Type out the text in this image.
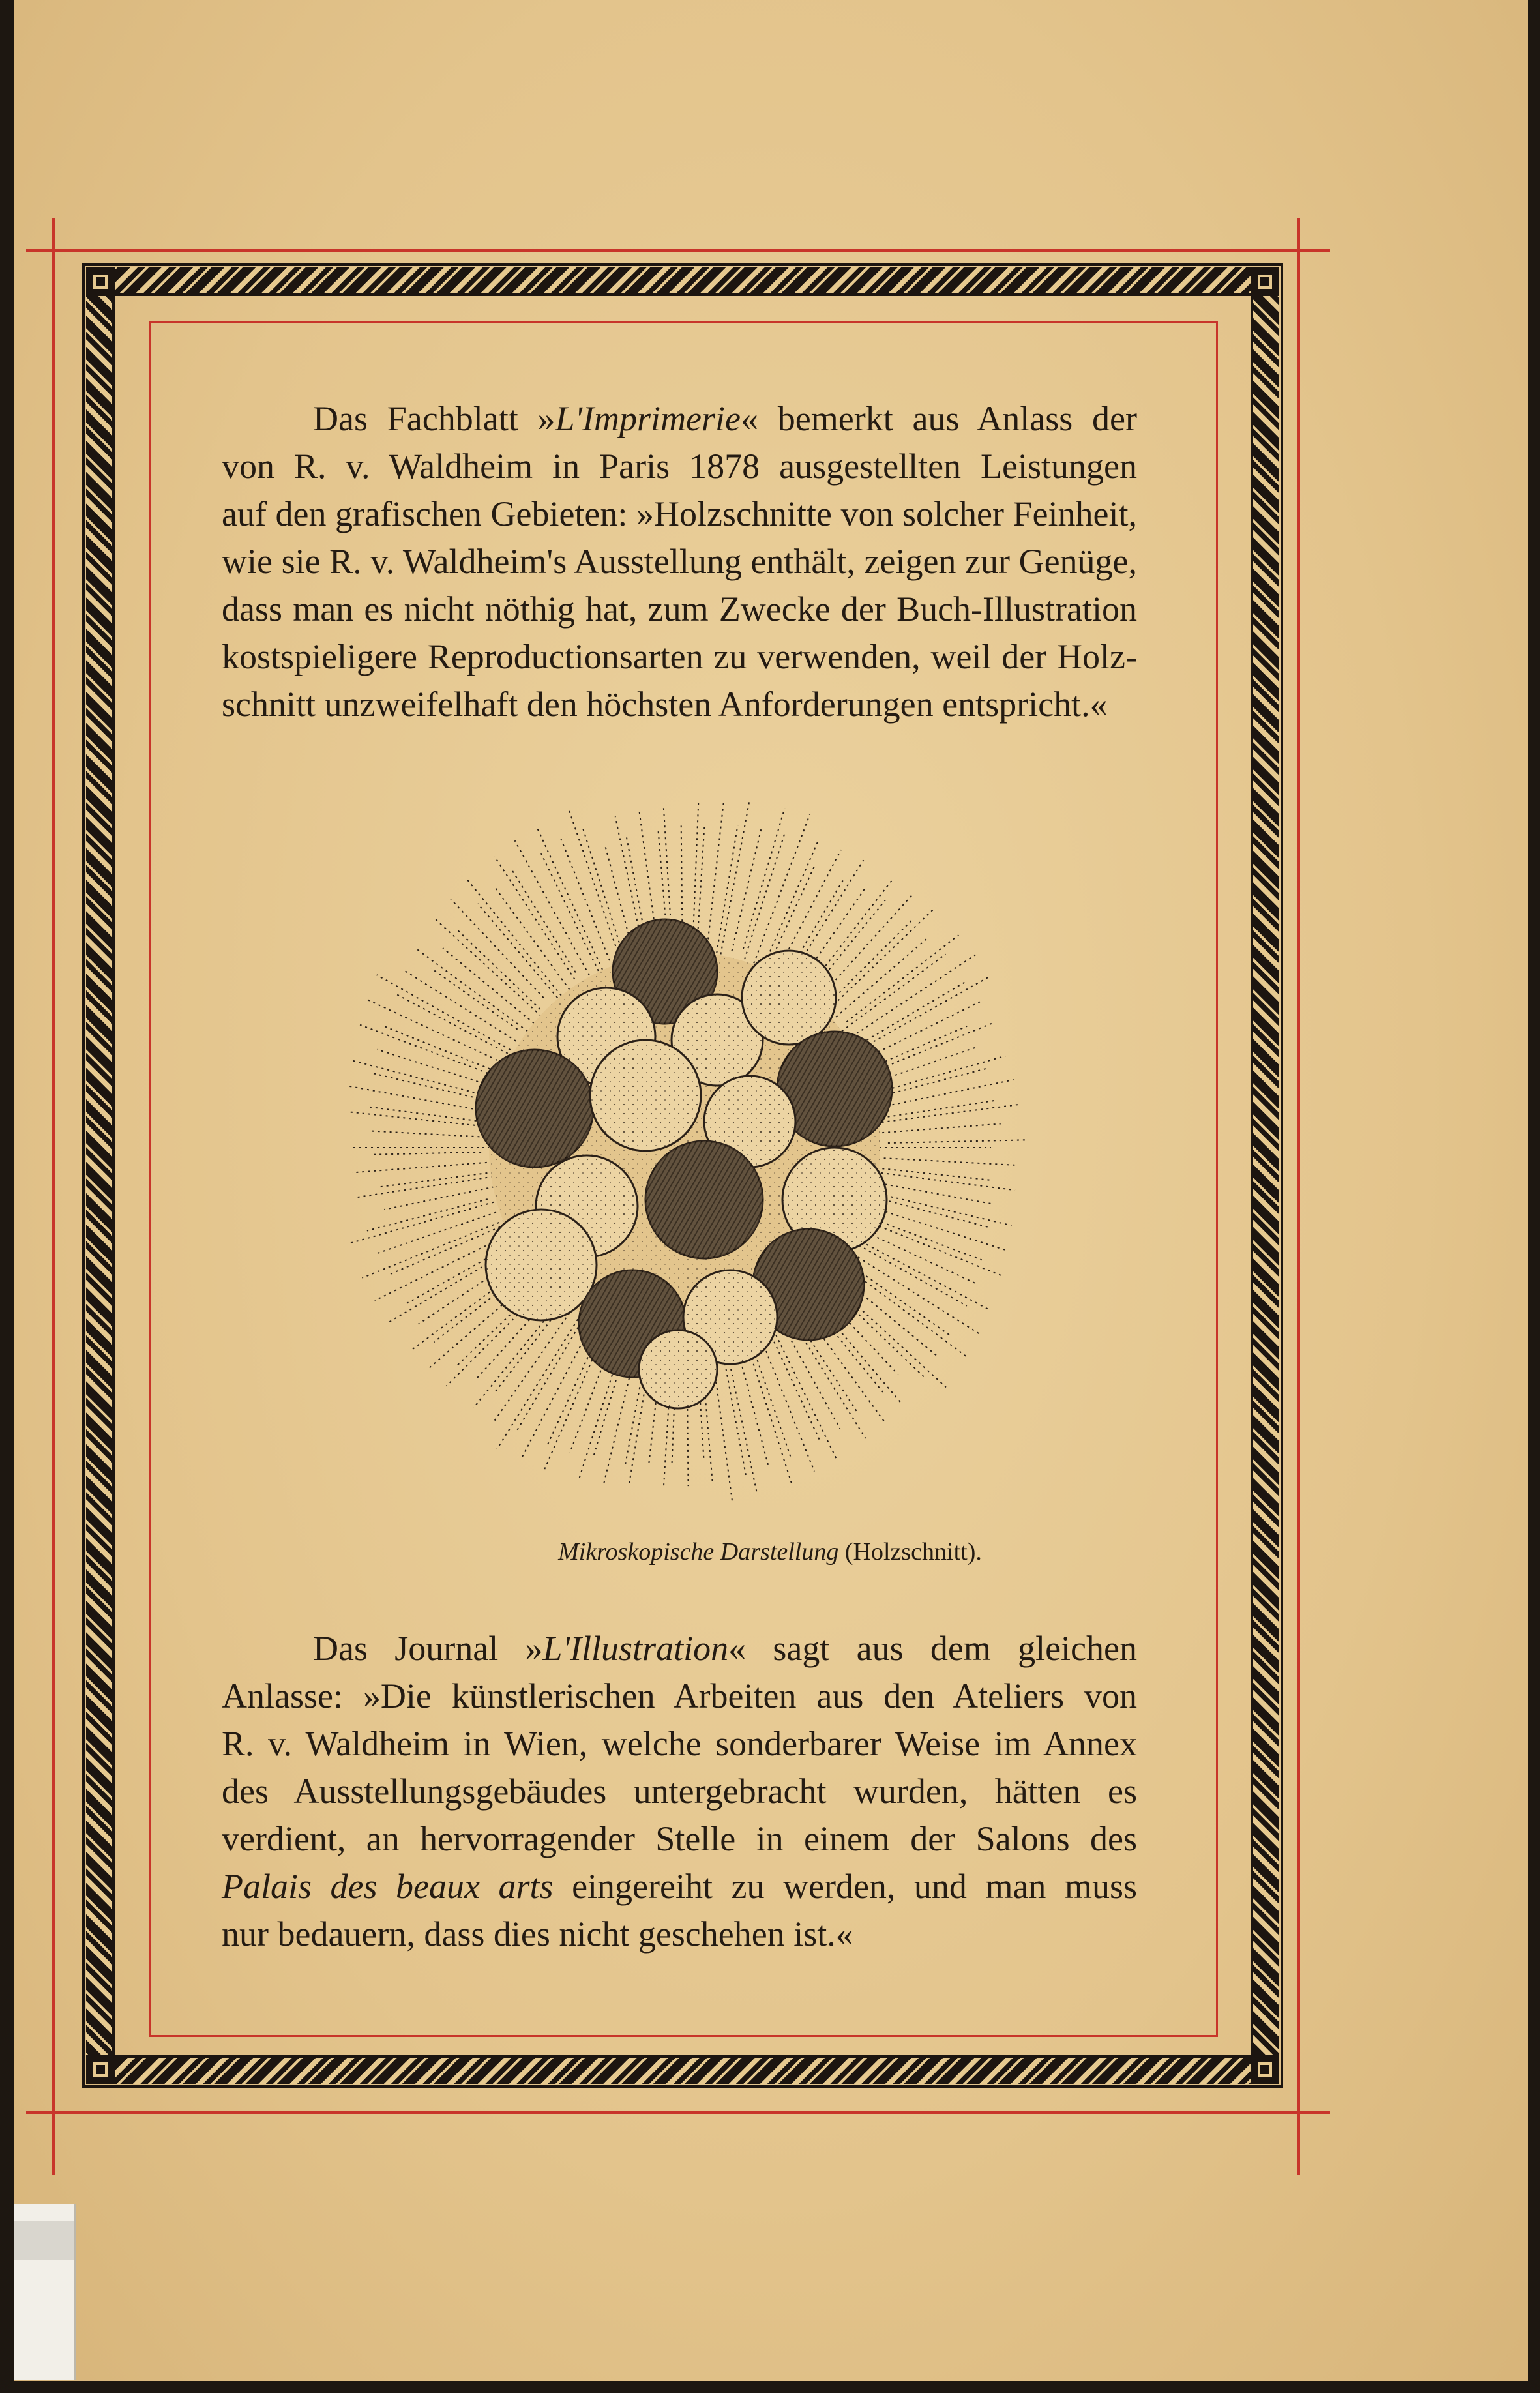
Das Fachblatt »L'Imprimerie« bemerkt aus Anlass der
von R. v. Waldheim in Paris 1878 ausgestellten Leistungen
auf den grafischen Gebieten: »Holzschnitte von solcher Feinheit,
wie sie R. v. Waldheim's Ausstellung enthält, zeigen zur Genüge,
dass man es nicht nöthig hat, zum Zwecke der Buch-Illustration
kostspieligere Reproductionsarten zu verwenden, weil der Holz-
schnitt unzweifelhaft den höchsten Anforderungen entspricht.«

Mikroskopische Darstellung (Holzschnitt).

Das Journal »L'Illustration« sagt aus dem gleichen
Anlasse: »Die künstlerischen Arbeiten aus den Ateliers von
R. v. Waldheim in Wien, welche sonderbarer Weise im Annex
des Ausstellungsgebäudes untergebracht wurden, hätten es
verdient, an hervorragender Stelle in einem der Salons des
Palais des beaux arts eingereiht zu werden, und man muss
nur bedauern, dass dies nicht geschehen ist.«
